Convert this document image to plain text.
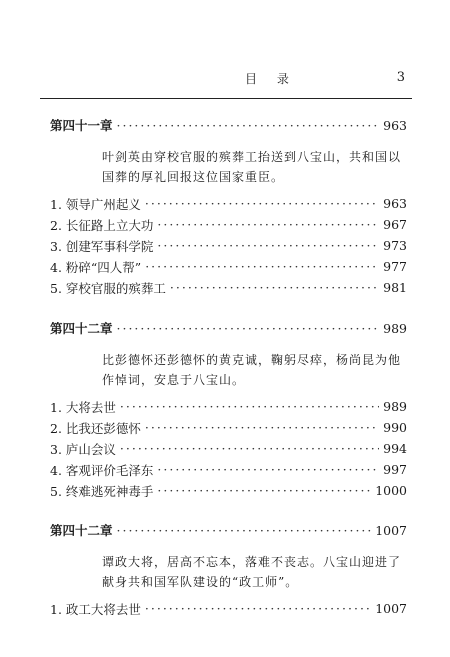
目 录	3
第四十一章 ·····	963
叶剑英由穿校官服的殡葬工抬送到八宝山，共和国以国葬的厚礼回报这位国家重臣。
1. 领导广州起义 ·····	963
2. 长征路上立大功 ·····	967
3. 创建军事科学院 ·····	973
4. 粉碎“四人帮” ·····	977
5. 穿校官服的殡葬工 ·····	981
第四十二章 ·····	989
比彭德怀还彭德怀的黄克诚，鞠躬尽瘁，杨尚昆为他作悼词，安息于八宝山。
1. 大将去世 ·····	989
2. 比我还彭德怀 ·····	990
3. 庐山会议 ·····	994
4. 客观评价毛泽东 ·····	997
5. 终难逃死神毒手 ·····	1000
第四十二章 ·····	1007
谭政大将，居高不忘本，落难不丧志。八宝山迎进了献身共和国军队建设的“政工师”。
1. 政工大将去世 ·····	1007
